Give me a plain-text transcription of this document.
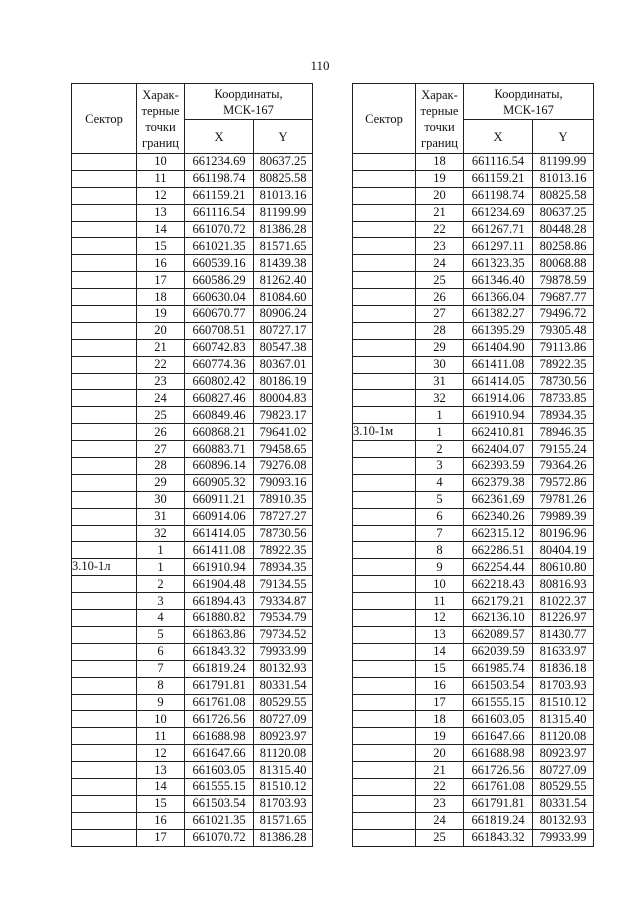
110
Сектор	Харак-
терные
точки
границ	Координаты,
МСК-167	
		X	Y
	10	661234.69	80637.25
	11	661198.74	80825.58
	12	661159.21	81013.16
	13	661116.54	81199.99
	14	661070.72	81386.28
	15	661021.35	81571.65
	16	660539.16	81439.38
	17	660586.29	81262.40
	18	660630.04	81084.60
	19	660670.77	80906.24
	20	660708.51	80727.17
	21	660742.83	80547.38
	22	660774.36	80367.01
	23	660802.42	80186.19
	24	660827.46	80004.83
	25	660849.46	79823.17
	26	660868.21	79641.02
	27	660883.71	79458.65
	28	660896.14	79276.08
	29	660905.32	79093.16
	30	660911.21	78910.35
	31	660914.06	78727.27
	32	661414.05	78730.56
	1	661411.08	78922.35
3.10-1л	1	661910.94	78934.35
	2	661904.48	79134.55
	3	661894.43	79334.87
	4	661880.82	79534.79
	5	661863.86	79734.52
	6	661843.32	79933.99
	7	661819.24	80132.93
	8	661791.81	80331.54
	9	661761.08	80529.55
	10	661726.56	80727.09
	11	661688.98	80923.97
	12	661647.66	81120.08
	13	661603.05	81315.40
	14	661555.15	81510.12
	15	661503.54	81703.93
	16	661021.35	81571.65
	17	661070.72	81386.28
Сектор	Харак-
терные
точки
границ	Координаты,
МСК-167	
		X	Y
	18	661116.54	81199.99
	19	661159.21	81013.16
	20	661198.74	80825.58
	21	661234.69	80637.25
	22	661267.71	80448.28
	23	661297.11	80258.86
	24	661323.35	80068.88
	25	661346.40	79878.59
	26	661366.04	79687.77
	27	661382.27	79496.72
	28	661395.29	79305.48
	29	661404.90	79113.86
	30	661411.08	78922.35
	31	661414.05	78730.56
	32	661914.06	78733.85
	1	661910.94	78934.35
3.10-1м	1	662410.81	78946.35
	2	662404.07	79155.24
	3	662393.59	79364.26
	4	662379.38	79572.86
	5	662361.69	79781.26
	6	662340.26	79989.39
	7	662315.12	80196.96
	8	662286.51	80404.19
	9	662254.44	80610.80
	10	662218.43	80816.93
	11	662179.21	81022.37
	12	662136.10	81226.97
	13	662089.57	81430.77
	14	662039.59	81633.97
	15	661985.74	81836.18
	16	661503.54	81703.93
	17	661555.15	81510.12
	18	661603.05	81315.40
	19	661647.66	81120.08
	20	661688.98	80923.97
	21	661726.56	80727.09
	22	661761.08	80529.55
	23	661791.81	80331.54
	24	661819.24	80132.93
	25	661843.32	79933.99
